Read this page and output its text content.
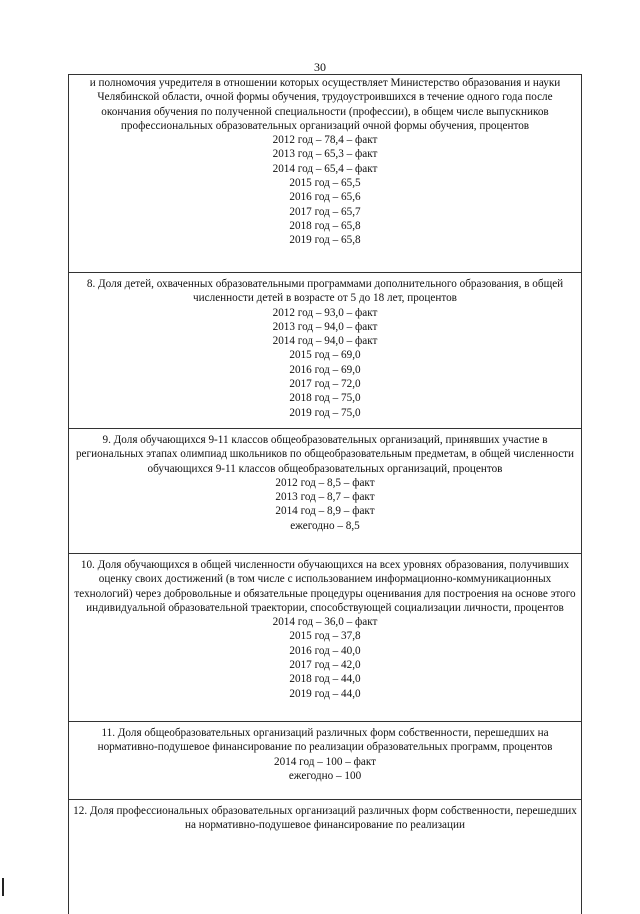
30

и полномочия учредителя в отношении которых осуществляет Министерство образования и науки Челябинской области, очной формы обучения, трудоустроившихся в течение одного года после окончания обучения по полученной специальности (профессии), в общем числе выпускников профессиональных образовательных организаций очной формы обучения, процентов

2012 год – 78,4 – факт
2013 год – 65,3 – факт
2014 год – 65,4 – факт
2015 год – 65,5
2016 год – 65,6
2017 год – 65,7
2018 год – 65,8
2019 год – 65,8

8. Доля детей, охваченных образовательными программами дополнительного образования, в общей численности детей в возрасте от 5 до 18 лет, процентов

2012 год – 93,0 – факт
2013 год – 94,0 – факт
2014 год – 94,0 – факт
2015 год – 69,0
2016 год – 69,0
2017 год – 72,0
2018 год – 75,0
2019 год – 75,0

9. Доля обучающихся 9-11 классов общеобразовательных организаций, принявших участие в региональных этапах олимпиад школьников по общеобразовательным предметам, в общей численности обучающихся 9-11 классов общеобразовательных организаций, процентов

2012 год – 8,5 – факт
2013 год – 8,7 – факт
2014 год – 8,9 – факт
ежегодно – 8,5

10. Доля обучающихся в общей численности обучающихся на всех уровнях образования, получивших оценку своих достижений (в том числе с использованием информационно-коммуникационных технологий) через добровольные и обязательные процедуры оценивания для построения на основе этого индивидуальной образовательной траектории, способствующей социализации личности, процентов

2014 год – 36,0 – факт
2015 год – 37,8
2016 год – 40,0
2017 год – 42,0
2018 год – 44,0
2019 год – 44,0

11. Доля общеобразовательных организаций различных форм собственности, перешедших на нормативно-подушевое финансирование по реализации образовательных программ, процентов

2014 год – 100 – факт
ежегодно – 100

12. Доля профессиональных образовательных организаций различных форм собственности, перешедших на нормативно-подушевое финансирование по реализации
